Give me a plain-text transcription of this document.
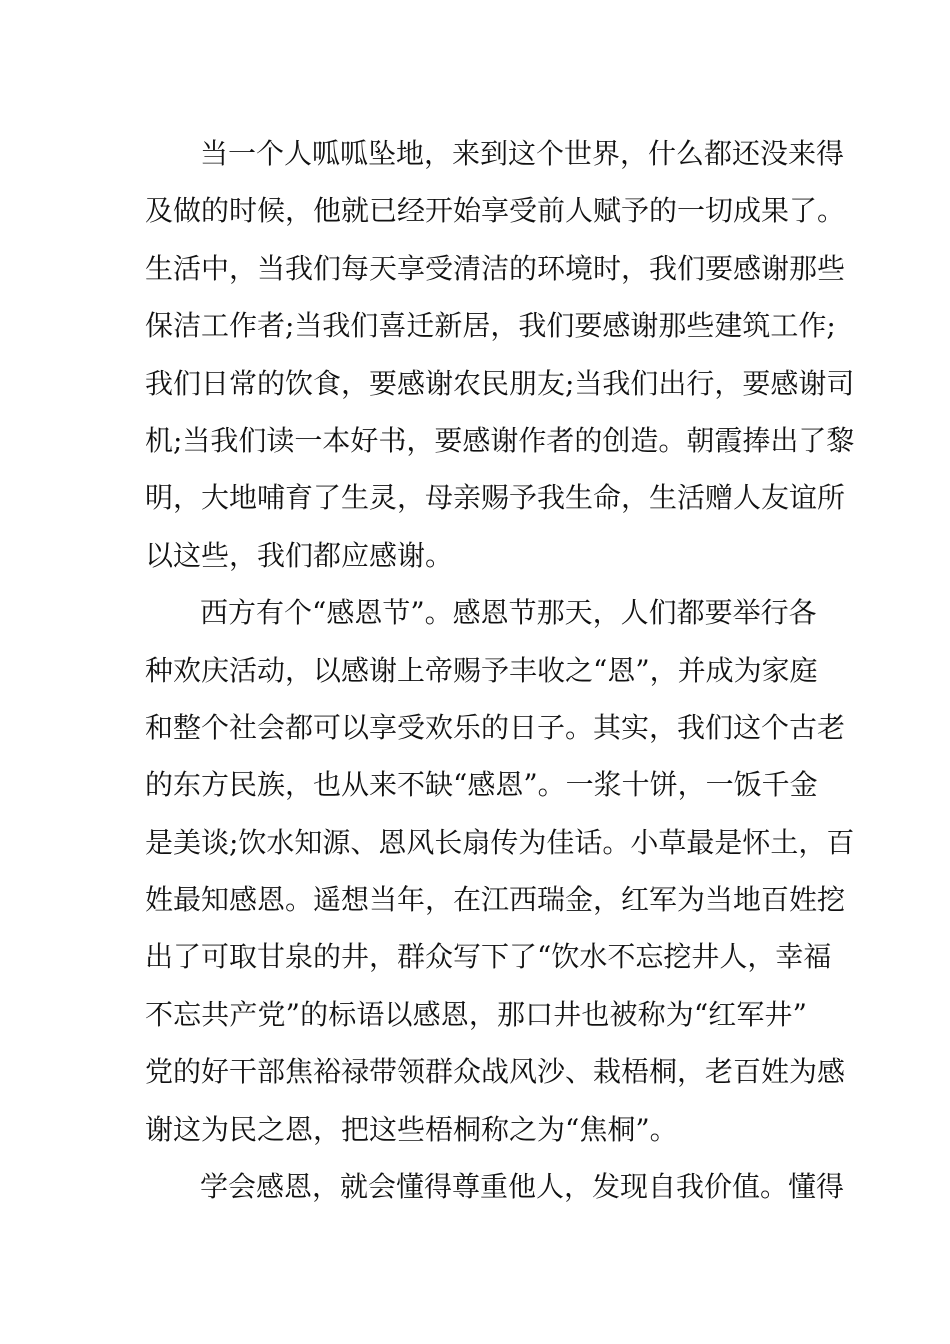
当一个人呱呱坠地，来到这个世界，什么都还没来得
及做的时候，他就已经开始享受前人赋予的一切成果了。
生活中，当我们每天享受清洁的环境时，我们要感谢那些
保洁工作者;当我们喜迁新居，我们要感谢那些建筑工作;
我们日常的饮食，要感谢农民朋友;当我们出行，要感谢司
机;当我们读一本好书，要感谢作者的创造。朝霞捧出了黎
明，大地哺育了生灵，母亲赐予我生命，生活赠人友谊所
以这些，我们都应感谢。
西方有个“感恩节”。感恩节那天，人们都要举行各
种欢庆活动，以感谢上帝赐予丰收之“恩”，并成为家庭
和整个社会都可以享受欢乐的日子。其实，我们这个古老
的东方民族，也从来不缺“感恩”。一浆十饼，一饭千金
是美谈;饮水知源、恩风长扇传为佳话。小草最是怀土，百
姓最知感恩。遥想当年，在江西瑞金，红军为当地百姓挖
出了可取甘泉的井，群众写下了“饮水不忘挖井人，幸福
不忘共产党”的标语以感恩，那口井也被称为“红军井”
党的好干部焦裕禄带领群众战风沙、栽梧桐，老百姓为感
谢这为民之恩，把这些梧桐称之为“焦桐”。
学会感恩，就会懂得尊重他人，发现自我价值。懂得
